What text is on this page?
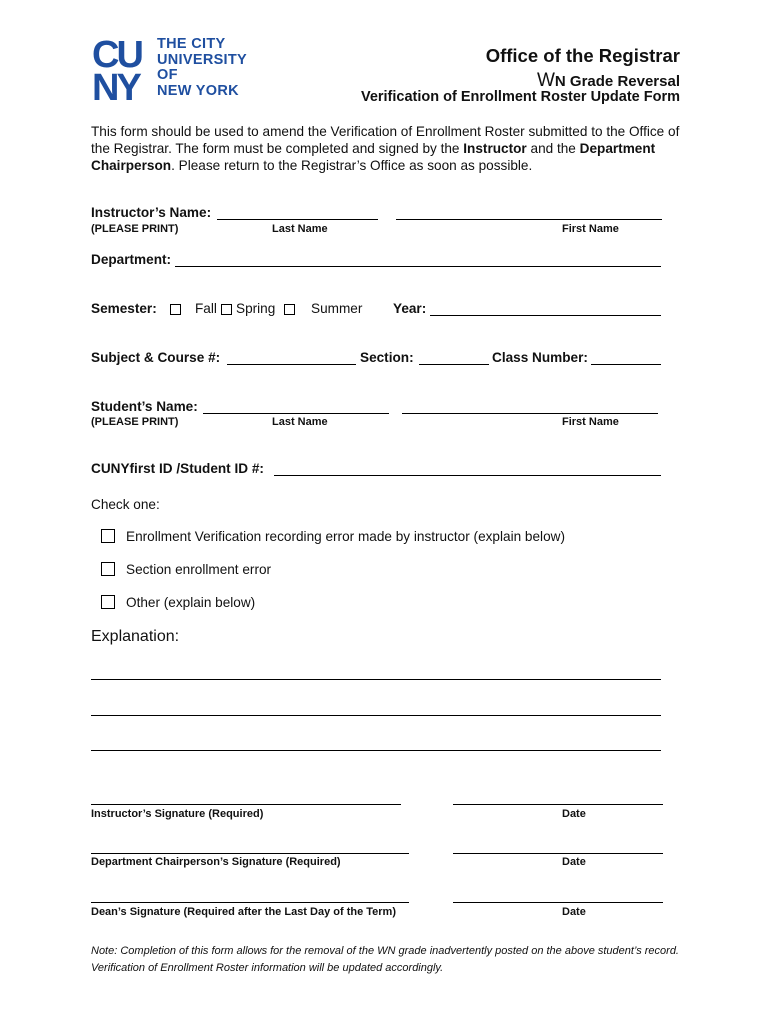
CU
NY
THE CITY
UNIVERSITY
OF
NEW YORK
Office of the Registrar
WN Grade Reversal
Verification of Enrollment Roster Update Form
This form should be used to amend the Verification of Enrollment Roster submitted to the Office of the Registrar. The form must be completed and signed by the Instructor and the Department Chairperson. Please return to the Registrar’s Office as soon as possible.
Instructor’s Name:
(PLEASE PRINT)	Last Name	First Name
Department:
Semester:	Fall Spring	Summer Year:
Subject & Course #:	Section:	Class Number:
Student’s Name:
(PLEASE PRINT)	Last Name	First Name
CUNYfirst ID /Student ID #:
Check one:
Enrollment Verification recording error made by instructor (explain below)
Section enrollment error
Other (explain below)
Explanation:
Instructor’s Signature (Required)	Date
Department Chairperson’s Signature (Required)	Date
Dean’s Signature (Required after the Last Day of the Term)	Date
Note: Completion of this form allows for the removal of the WN grade inadvertently posted on the above student’s record. Verification of Enrollment Roster information will be updated accordingly.
